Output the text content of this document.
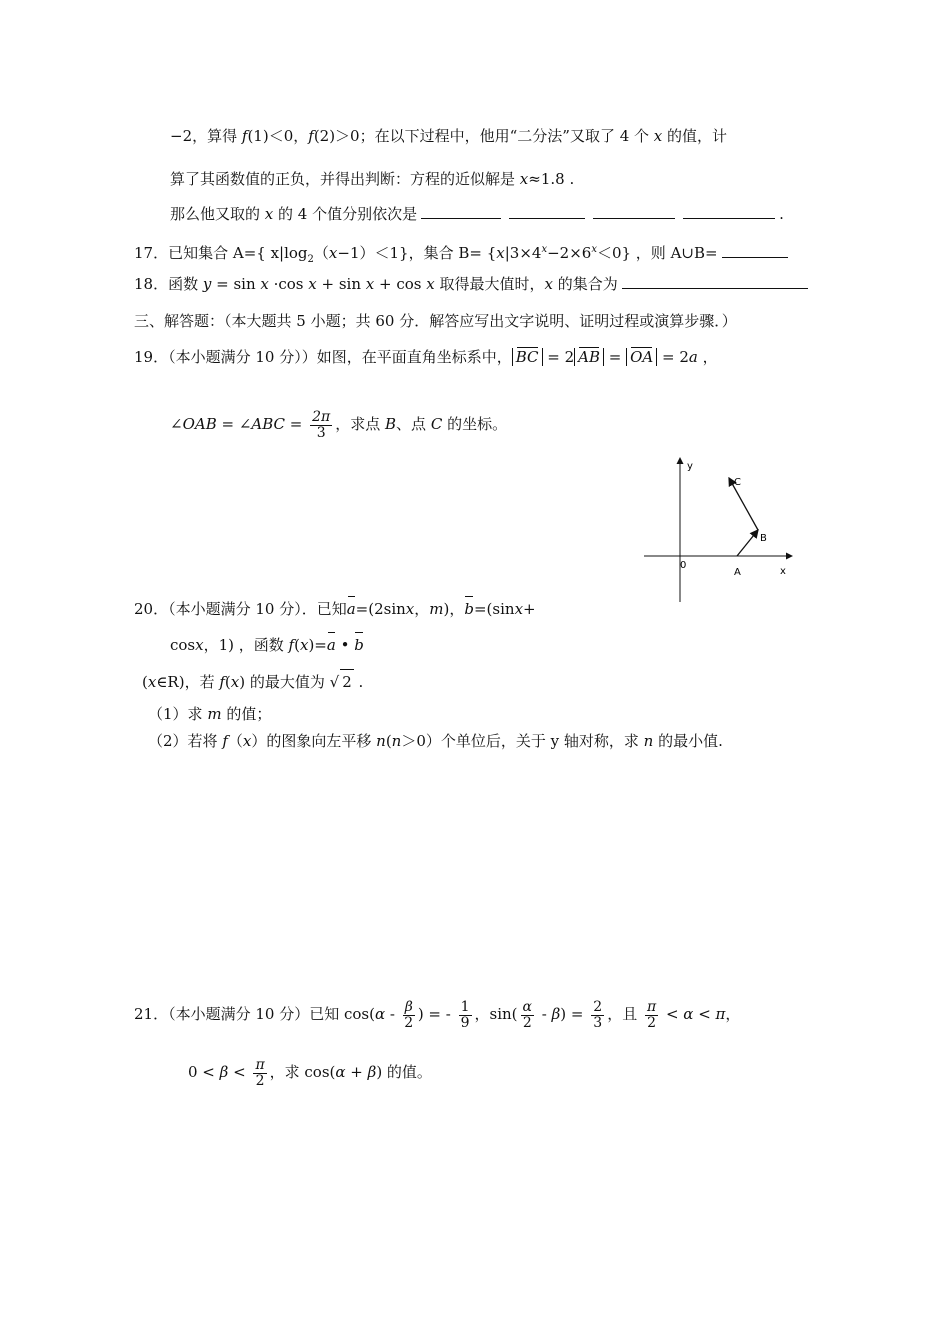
−2，算得 f(1)＜0，f(2)＞0；在以下过程中，他用“二分法”又取了 4 个 x 的值，计
算了其函数值的正负，并得出判断：方程的近似解是 x≈1.8 .
那么他又取的 x 的 4 个值分别依次是	.
17．已知集合 A={ $x|\log_2(x-1)<1$}，集合 $B= \{x|3\times 4^x-2\times 6^x<0\}$ ，则 A∪B=
18．函数 y = sin x ·cos x + sin x + cos x 取得最大值时，x 的集合为
三、解答题：（本大题共 5 小题；共 60 分．解答应写出文字说明、证明过程或演算步骤．）
19．（本小题满分 10 分））如图，在平面直角坐标系中， BC = 2 AB = OA = 2a ，
∠OAB = ∠ABC = $\frac{2\pi}{3}$ ，求点 B、点 C 的坐标。
y
x
0
A
B
C
20．（本小题满分 10 分）．已知a=(2sinx，m)，b=(sinx+
cosx，1) ，函数 f(x)=a • b
(x∈R)，若 f(x) 的最大值为 √ 2 .
（1）求 m 的值；
（2）若将 f（x）的图象向左平移 n(n＞0）个单位后，关于 y 轴对称，求 n 的最小值.
21．（本小题满分 10 分）已知 $\cos(\alpha - \frac{\beta}{2}$ ) = - $\frac{1}{9}$ ，$\sin( \frac{\alpha}{2} - \beta) = \frac{2}{3}$ ，且 $\frac{\pi}{2} < \alpha < \pi$，
$0 < \beta < \frac{\pi}{2}$ ，求 cos(α + β) 的值。
